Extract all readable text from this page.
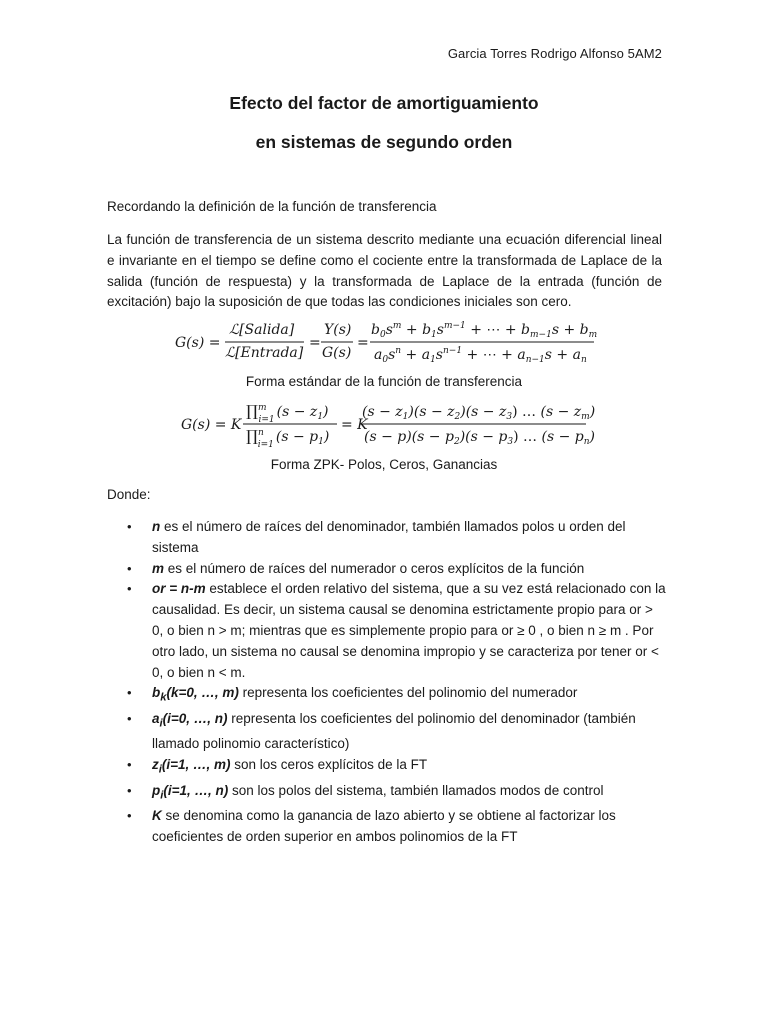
Garcia Torres Rodrigo Alfonso 5AM2
Efecto del factor de amortiguamiento
en sistemas de segundo orden
Recordando la definición de la función de transferencia
La función de transferencia de un sistema descrito mediante una ecuación diferencial lineal e invariante en el tiempo se define como el cociente entre la transformada de Laplace de la salida (función de respuesta) y la transformada de Laplace de la entrada (función de excitación) bajo la suposición de que todas las condiciones iniciales son cero.
G(s) =
ℒ[Salida]
ℒ[Entrada]
=
Y(s)
G(s)
=
$b_0s^m + b_1s^{m-1}$ + ⋯ + $b_{m-1}s + b_m$
$a_0s^n + a_1s^{n-1}$ + ⋯ + $a_{n-1}s + a_n$
Forma estándar de la función de transferencia
G(s) = K
∏$^m$ i=1 $(s - z_1)$
∏$^n$ i=1 $(s - p_1)$
= K
$(s - z_1)(s - z_2)(s - z_3)$ … $(s - z_m)$
$(s - p)(s - p_2)(s - p_3)$ … $(s - p_n)$
Forma ZPK- Polos, Ceros, Ganancias
Donde:
• n es el número de raíces del denominador, también llamados polos u orden del sistema
• m es el número de raíces del numerador o ceros explícitos de la función
• or = n-m establece el orden relativo del sistema, que a su vez está relacionado con la causalidad. Es decir, un sistema causal se denomina estrictamente propio para or > 0, o bien n > m; mientras que es simplemente propio para or ≥ 0 , o bien n ≥ m . Por otro lado, un sistema no causal se denomina impropio y se caracteriza por tener or < 0, o bien n < m.
• $b_k(k=0$, …, m) representa los coeficientes del polinomio del numerador
• $a_i(i=0$, …, n) representa los coeficientes del polinomio del denominador (también llamado polinomio característico)
• $z_i(i=1$, …, m) son los ceros explícitos de la FT
• $p_i(i=1$, …, n) son los polos del sistema, también llamados modos de control
• K se denomina como la ganancia de lazo abierto y se obtiene al factorizar los coeficientes de orden superior en ambos polinomios de la FT
